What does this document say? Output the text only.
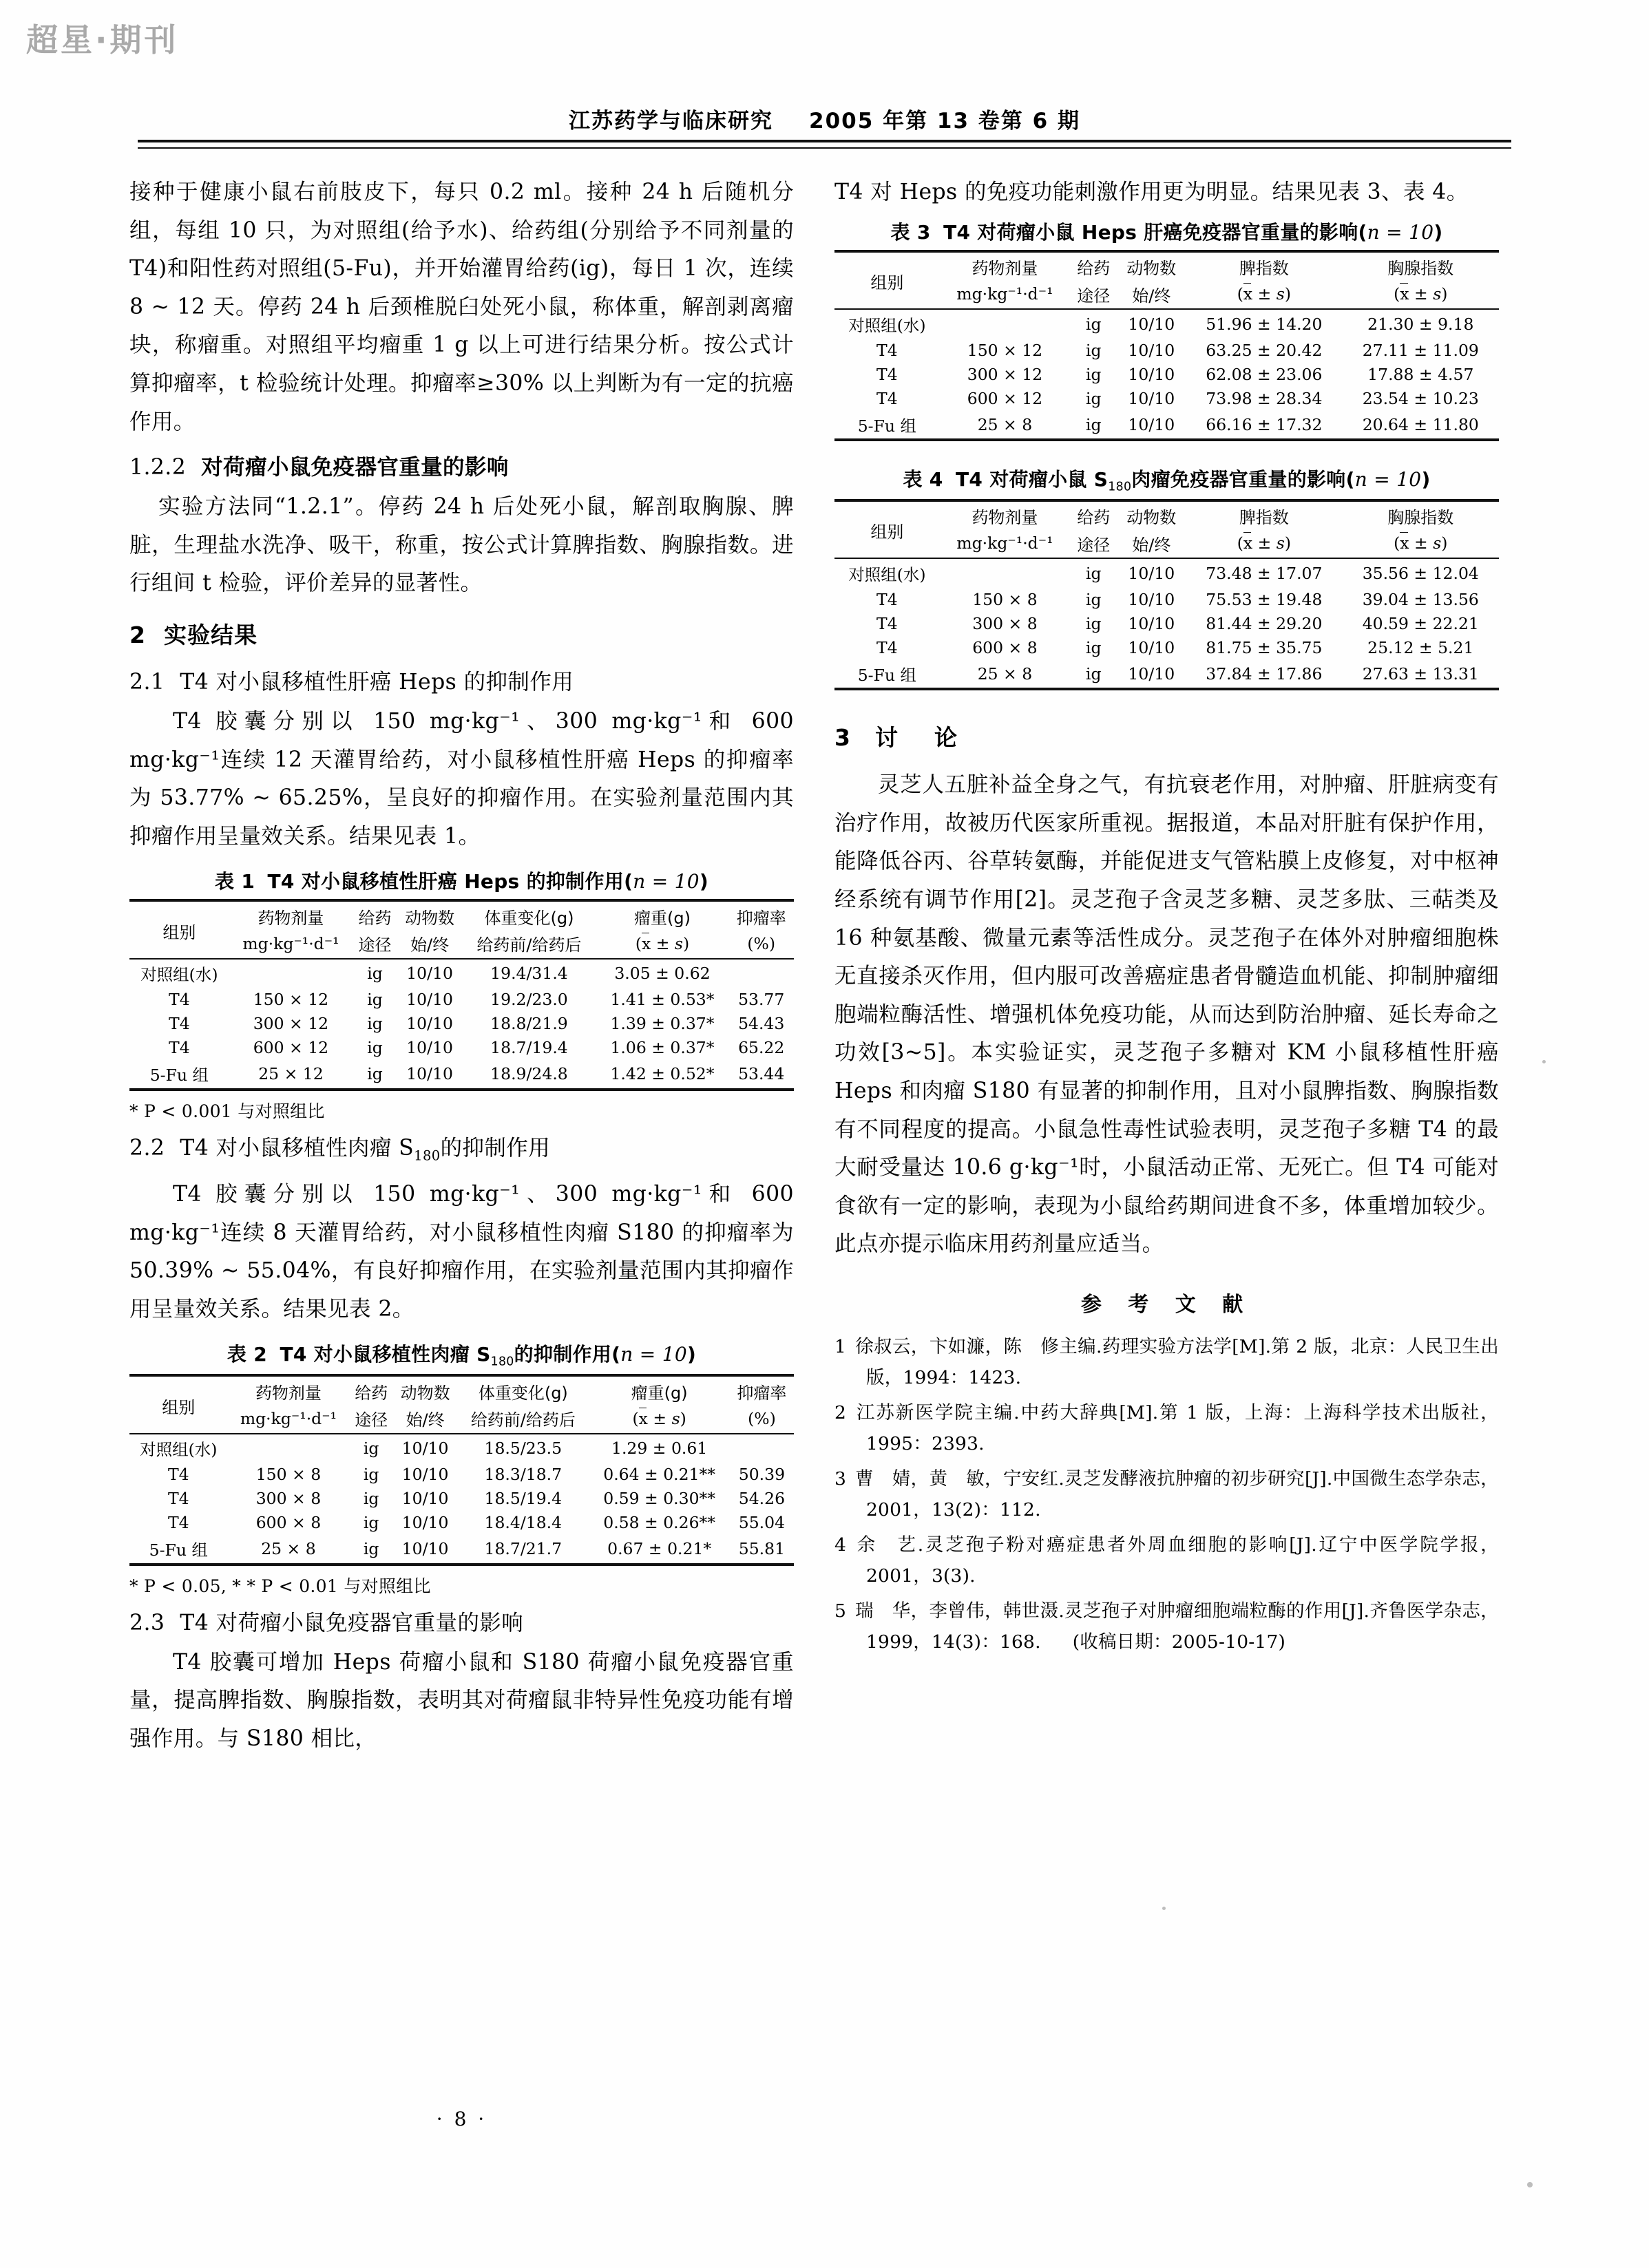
超星·期刊
江苏药学与临床研究 2005 年第 13 卷第 6 期

接种于健康小鼠右前肢皮下，每只 0.2 ml。接种 24 h 后随机分组，每组 10 只，为对照组(给予水)、给药组(分别给予不同剂量的 T4)和阳性药对照组(5-Fu)，并开始灌胃给药(ig)，每日 1 次，连续 8 ~ 12 天。停药 24 h 后颈椎脱臼处死小鼠，称体重，解剖剥离瘤块，称瘤重。对照组平均瘤重 1 g 以上可进行结果分析。按公式计算抑瘤率，t 检验统计处理。抑瘤率≥30% 以上判断为有一定的抗癌作用。

1.2.2 对荷瘤小鼠免疫器官重量的影响

实验方法同“1.2.1”。停药 24 h 后处死小鼠，解剖取胸腺、脾脏，生理盐水洗净、吸干，称重，按公式计算脾指数、胸腺指数。进行组间 t 检验，评价差异的显著性。

2 实验结果
2.1 T4 对小鼠移植性肝癌 Heps 的抑制作用

T4 胶囊分别以 150 mg·kg⁻¹、300 mg·kg⁻¹和 600 mg·kg⁻¹连续 12 天灌胃给药，对小鼠移植性肝癌 Heps 的抑瘤率为 53.77% ~ 65.25%，呈良好的抑瘤作用。在实验剂量范围内其抑瘤作用呈量效关系。结果见表 1。

表 1 T4 对小鼠移植性肝癌 Heps 的抑制作用(n = 10)
组别	药物剂量	给药	动物数	体重变化(g)	瘤重(g)	抑瘤率
	mg·kg⁻¹·d⁻¹	途径	始/终	给药前/给药后	(x ± s)	(%)
对照组(水)		ig	10/10	19.4/31.4	3.05 ± 0.62	
T4	150 × 12	ig	10/10	19.2/23.0	1.41 ± 0.53*	53.77
T4	300 × 12	ig	10/10	18.8/21.9	1.39 ± 0.37*	54.43
T4	600 × 12	ig	10/10	18.7/19.4	1.06 ± 0.37*	65.22
5-Fu 组	25 × 12	ig	10/10	18.9/24.8	1.42 ± 0.52*	53.44
* P < 0.001 与对照组比
2.2 T4 对小鼠移植性肉瘤 $S_{180}$的抑制作用

T4 胶囊分别以 150 mg·kg⁻¹、300 mg·kg⁻¹和 600 mg·kg⁻¹连续 8 天灌胃给药，对小鼠移植性肉瘤 S180 的抑瘤率为 50.39% ~ 55.04%，有良好抑瘤作用，在实验剂量范围内其抑瘤作用呈量效关系。结果见表 2。

表 2 T4 对小鼠移植性肉瘤 $S_{180}$的抑制作用(n = 10)
组别	药物剂量	给药	动物数	体重变化(g)	瘤重(g)	抑瘤率
	mg·kg⁻¹·d⁻¹	途径	始/终	给药前/给药后	(x ± s)	(%)
对照组(水)		ig	10/10	18.5/23.5	1.29 ± 0.61	
T4	150 × 8	ig	10/10	18.3/18.7	0.64 ± 0.21**	50.39
T4	300 × 8	ig	10/10	18.5/19.4	0.59 ± 0.30**	54.26
T4	600 × 8	ig	10/10	18.4/18.4	0.58 ± 0.26**	55.04
5-Fu 组	25 × 8	ig	10/10	18.7/21.7	0.67 ± 0.21*	55.81
* P < 0.05, * * P < 0.01 与对照组比
2.3 T4 对荷瘤小鼠免疫器官重量的影响

T4 胶囊可增加 Heps 荷瘤小鼠和 S180 荷瘤小鼠免疫器官重量，提高脾指数、胸腺指数，表明其对荷瘤鼠非特异性免疫功能有增强作用。与 S180 相比，

T4 对 Heps 的免疫功能刺激作用更为明显。结果见表 3、表 4。

表 3 T4 对荷瘤小鼠 Heps 肝癌免疫器官重量的影响(n = 10)
组别	药物剂量	给药	动物数	脾指数	胸腺指数
	mg·kg⁻¹·d⁻¹	途径	始/终	(x ± s)	(x ± s)
对照组(水)		ig	10/10	51.96 ± 14.20	21.30 ± 9.18
T4	150 × 12	ig	10/10	63.25 ± 20.42	27.11 ± 11.09
T4	300 × 12	ig	10/10	62.08 ± 23.06	17.88 ± 4.57
T4	600 × 12	ig	10/10	73.98 ± 28.34	23.54 ± 10.23
5-Fu 组	25 × 8	ig	10/10	66.16 ± 17.32	20.64 ± 11.80
表 4 T4 对荷瘤小鼠 $S_{180}$肉瘤免疫器官重量的影响(n = 10)
组别	药物剂量	给药	动物数	脾指数	胸腺指数
	mg·kg⁻¹·d⁻¹	途径	始/终	(x ± s)	(x ± s)
对照组(水)		ig	10/10	73.48 ± 17.07	35.56 ± 12.04
T4	150 × 8	ig	10/10	75.53 ± 19.48	39.04 ± 13.56
T4	300 × 8	ig	10/10	81.44 ± 29.20	40.59 ± 22.21
T4	600 × 8	ig	10/10	81.75 ± 35.75	25.12 ± 5.21
5-Fu 组	25 × 8	ig	10/10	37.84 ± 17.86	27.63 ± 13.31
3 讨　论

灵芝人五脏补益全身之气，有抗衰老作用，对肿瘤、肝脏病变有治疗作用，故被历代医家所重视。据报道，本品对肝脏有保护作用，能降低谷丙、谷草转氨酶，并能促进支气管粘膜上皮修复，对中枢神经系统有调节作用[2]。灵芝孢子含灵芝多糖、灵芝多肽、三萜类及 16 种氨基酸、微量元素等活性成分。灵芝孢子在体外对肿瘤细胞株无直接杀灭作用，但内服可改善癌症患者骨髓造血机能、抑制肿瘤细胞端粒酶活性、增强机体免疫功能，从而达到防治肿瘤、延长寿命之功效[3~5]。本实验证实，灵芝孢子多糖对 KM 小鼠移植性肝癌 Heps 和肉瘤 S180 有显著的抑制作用，且对小鼠脾指数、胸腺指数有不同程度的提高。小鼠急性毒性试验表明，灵芝孢子多糖 T4 的最大耐受量达 10.6 g·kg⁻¹时，小鼠活动正常、无死亡。但 T4 可能对食欲有一定的影响，表现为小鼠给药期间进食不多，体重增加较少。此点亦提示临床用药剂量应适当。

参 考 文 献
1 徐叔云，卞如濂，陈　修主编.药理实验方法学[M].第 2 版，北京：人民卫生出版，1994：1423.
2 江苏新医学院主编.中药大辞典[M].第 1 版，上海：上海科学技术出版社，1995：2393.
3 曹　婧，黄　敏，宁安红.灵芝发酵液抗肿瘤的初步研究[J].中国微生态学杂志，2001，13(2)：112.
4 余　艺.灵芝孢子粉对癌症患者外周血细胞的影响[J].辽宁中医学院学报，2001，3(3).
5 瑞　华，李曾伟，韩世滠.灵芝孢子对肿瘤细胞端粒酶的作用[J].齐鲁医学杂志，1999，14(3)：168. (收稿日期：2005-10-17)
· 8 ·
